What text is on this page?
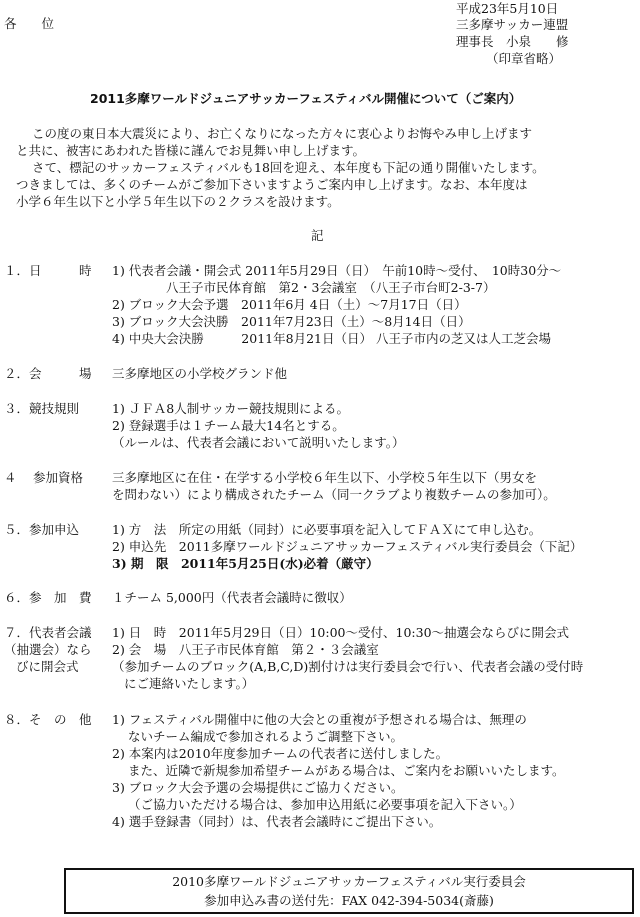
各　　位
平成23年5月10日
三多摩サッカー連盟
理事長　小泉　　修
（印章省略）
2011多摩ワールドジュニアサッカーフェスティバル開催について（ご案内）
この度の東日本大震災により、お亡くなりになった方々に衷心よりお悔やみ申し上げます
と共に、被害にあわれた皆様に謹んでお見舞い申し上げます。
さて、標記のサッカーフェスティバルも18回を迎え、本年度も下記の通り開催いたします。
つきましては、多くのチームがご参加下さいますようご案内申し上げます。なお、本年度は
小学６年生以下と小学５年生以下の２クラスを設けます。
記
１．日　　　時 1) 代表者会議・開会式 2011年5月29日（日）　午前10時～受付、　10時30分～
八王子市民体育館　第2・3会議室　（八王子市台町2-3-7）
2) ブロック大会予選　2011年6月 4日（土）～7月17日（日）
3) ブロック大会決勝　2011年7月23日（土）～8月14日（日）
4) 中央大会決勝　　　2011年8月21日（日） 八王子市内の芝又は人工芝会場
２．会　　　場 三多摩地区の小学校グランド他
３．競技規則	1) ＪＦＡ8人制サッカー競技規則による。
2) 登録選手は１チーム最大14名とする。
（ルールは、代表者会議において説明いたします。）
４　 参加資格 三多摩地区に在住・在学する小学校６年生以下、小学校５年生以下（男女を
を問わない）により構成されたチーム（同一クラブより複数チームの参加可）。
５．参加申込	1) 方　法　所定の用紙（同封）に必要事項を記入してＦＡＸにて申し込む。
2) 申込先　2011多摩ワールドジュニアサッカーフェスティバル実行委員会（下記）
3) 期　限　2011年5月25日(水)必着（厳守）
６．参　加　費 １チーム 5,000円（代表者会議時に徴収）
７．代表者会議
（抽選会）なら
びに開会式
1) 日　時　2011年5月29日（日）10:00～受付、10:30～抽選会ならびに開会式
2) 会　場　八王子市民体育館　第２・３会議室
（参加チームのブロック(A,B,C,D)割付けは実行委員会で行い、代表者会議の受付時
にご連絡いたします。）
８．そ　の　他 1) フェスティバル開催中に他の大会との重複が予想される場合は、無理の
ないチーム編成で参加されるようご調整下さい。
2) 本案内は2010年度参加チームの代表者に送付しました。
また、近隣で新規参加希望チームがある場合は、ご案内をお願いいたします。
3) ブロック大会予選の会場提供にご協力ください。
（ご協力いただける場合は、参加申込用紙に必要事項を記入下さい。）
4) 選手登録書（同封）は、代表者会議時にご提出下さい。
2010多摩ワールドジュニアサッカーフェスティバル実行委員会
参加申込み書の送付先：FAX 042-394-5034(斎藤)
